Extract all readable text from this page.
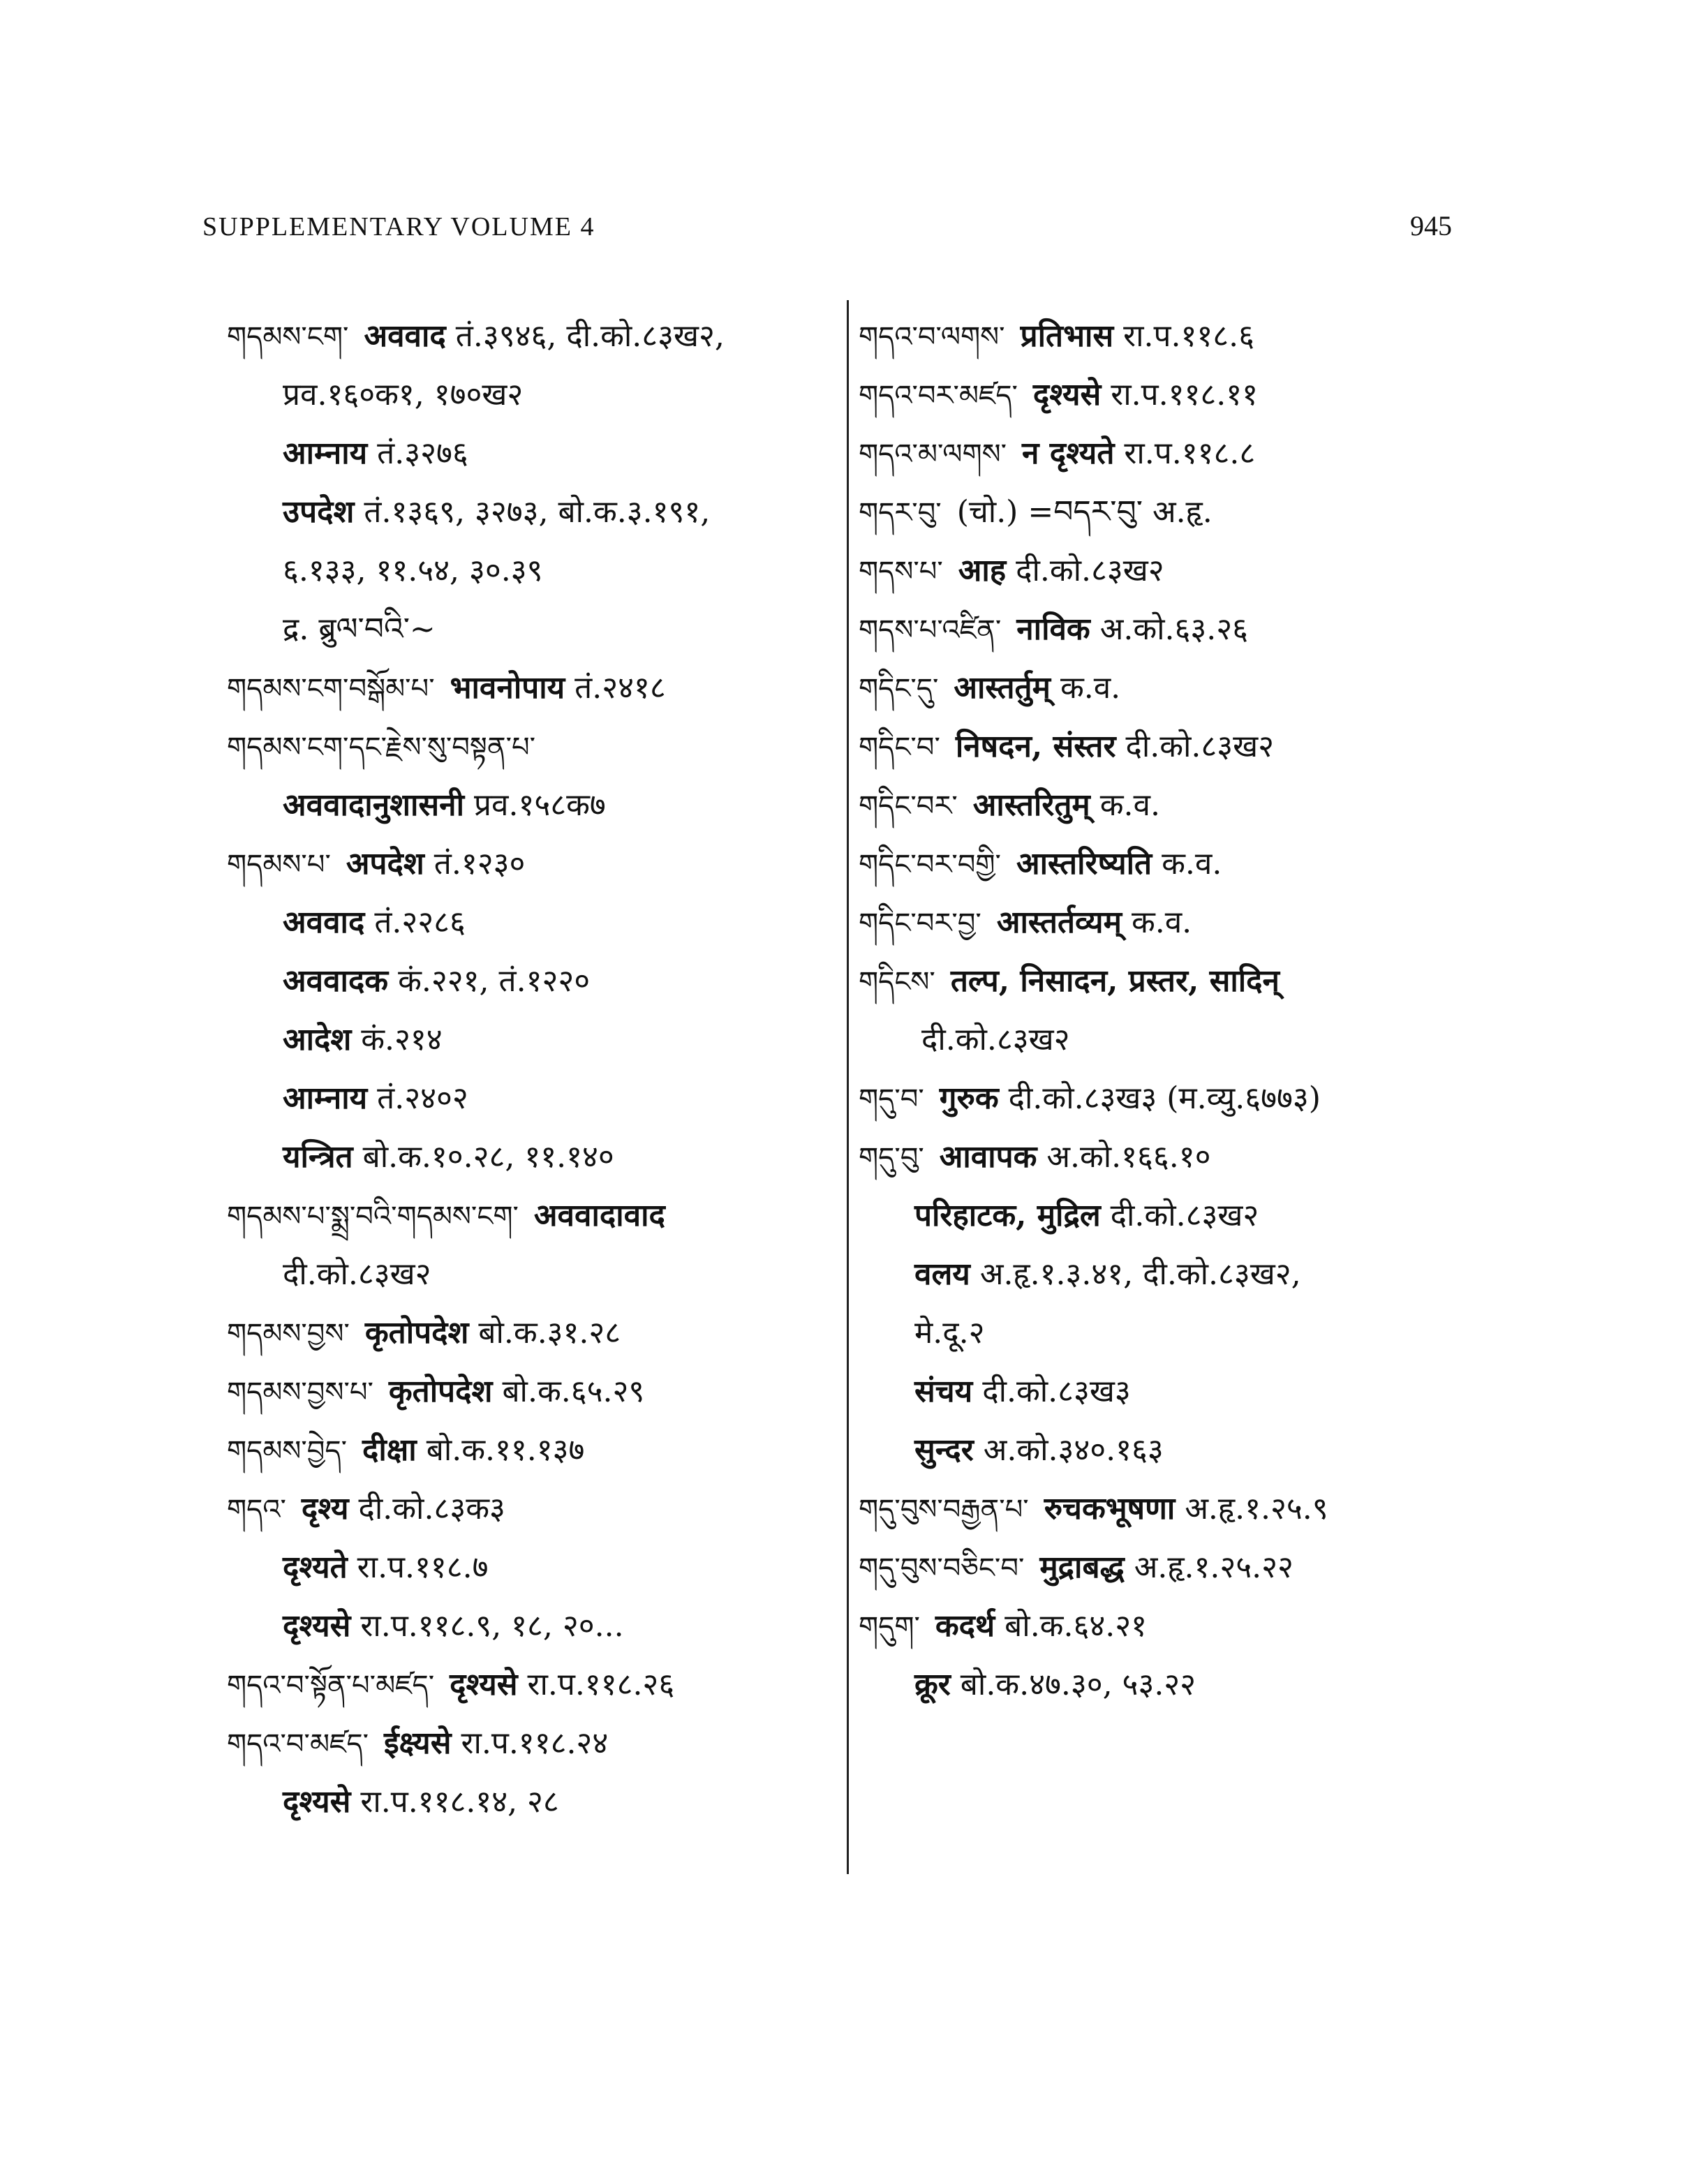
SUPPLEMENTARY VOLUME 4	945
གདམས་ངག་ अववाद तं.३९४६, दी.को.८३ख२,
प्रव.१६०क१, १७०ख२
आम्नाय तं.३२७६
उपदेश तं.१३६९, ३२७३, बो.क.३.१९१,
६.१३३, ११.५४, ३०.३९
द्र. ब्रुལ་བའི་~
གདམས་ངག་བསྒོམ་པ་ भावनोपाय तं.२४१८
གདམས་ངག་དང་རྗེས་སུ་བསྟན་པ་
अववादानुशासनी प्रव.१५८क७
གདམས་པ་ अपदेश तं.१२३०
अववाद तं.२२८६
अववादक कं.२२१, तं.१२२०
आदेश कं.२१४
आम्नाय तं.२४०२
यन्त्रित बो.क.१०.२८, ११.१४०
གདམས་པ་སྨྲ་བའི་གདམས་ངག་ अववादावाद
दी.को.८३ख२
གདམས་བྱས་ कृतोपदेश बो.क.३१.२८
གདམས་བྱས་པ་ कृतोपदेश बो.क.६५.२९
གདམས་བྱེད་ दीक्षा बो.क.११.१३७
གདའ་ दृश्य दी.को.८३क३
दृश्यते रा.प.११८.७
दृश्यसे रा.प.११८.९, १८, २०...
གདའ་བ་སྟོན་པ་མཛད་ दृश्यसे रा.प.११८.२६
གདའ་བ་མཛད་ ईक्ष्यसे रा.प.११८.२४
दृश्यसे रा.प.११८.१४, २८
གདའ་བ་ལགས་ प्रतिभास रा.प.११८.६
གདའ་བར་མཛད་ दृश्यसे रा.प.११८.११
གདའ་མ་ལགས་ न दृश्यते रा.प.११८.८
གདར་བུ་ (चो.) =བདར་བུ་ अ.हृ.
གདས་པ་ आह दी.को.८३ख२
གདས་པ་འཛིན་ नाविक अ.को.६३.२६
གདིང་དུ་ आस्तर्तुम् क.व.
གདིང་བ་ निषदन, संस्तर दी.को.८३ख२
གདིང་བར་ आस्तरितुम् क.व.
གདིང་བར་བགྱི་ आस्तरिष्यति क.व.
གདིང་བར་བྱ་ आस्तर्तव्यम् क.व.
གདིངས་ तल्प, निसादन, प्रस्तर, सादिन्
दी.को.८३ख२
གདུ་བ་ गुरुक दी.को.८३ख३ (म.व्यु.६७७३)
གདུ་བུ་ आवापक अ.को.१६६.१०
परिहाटक, मुद्रिल दी.को.८३ख२
वलय अ.हृ.१.३.४१, दी.को.८३ख२,
मे.दू.२
संचय दी.को.८३ख३
सुन्दर अ.को.३४०.१६३
གདུ་བུས་བརྒྱན་པ་ रुचकभूषणा अ.हृ.१.२५.९
གདུ་བུས་བཅིང་བ་ मुद्राबद्ध अ.हृ.१.२५.२२
གདུག་ कदर्थ बो.क.६४.२१
क्रूर बो.क.४७.३०, ५३.२२
